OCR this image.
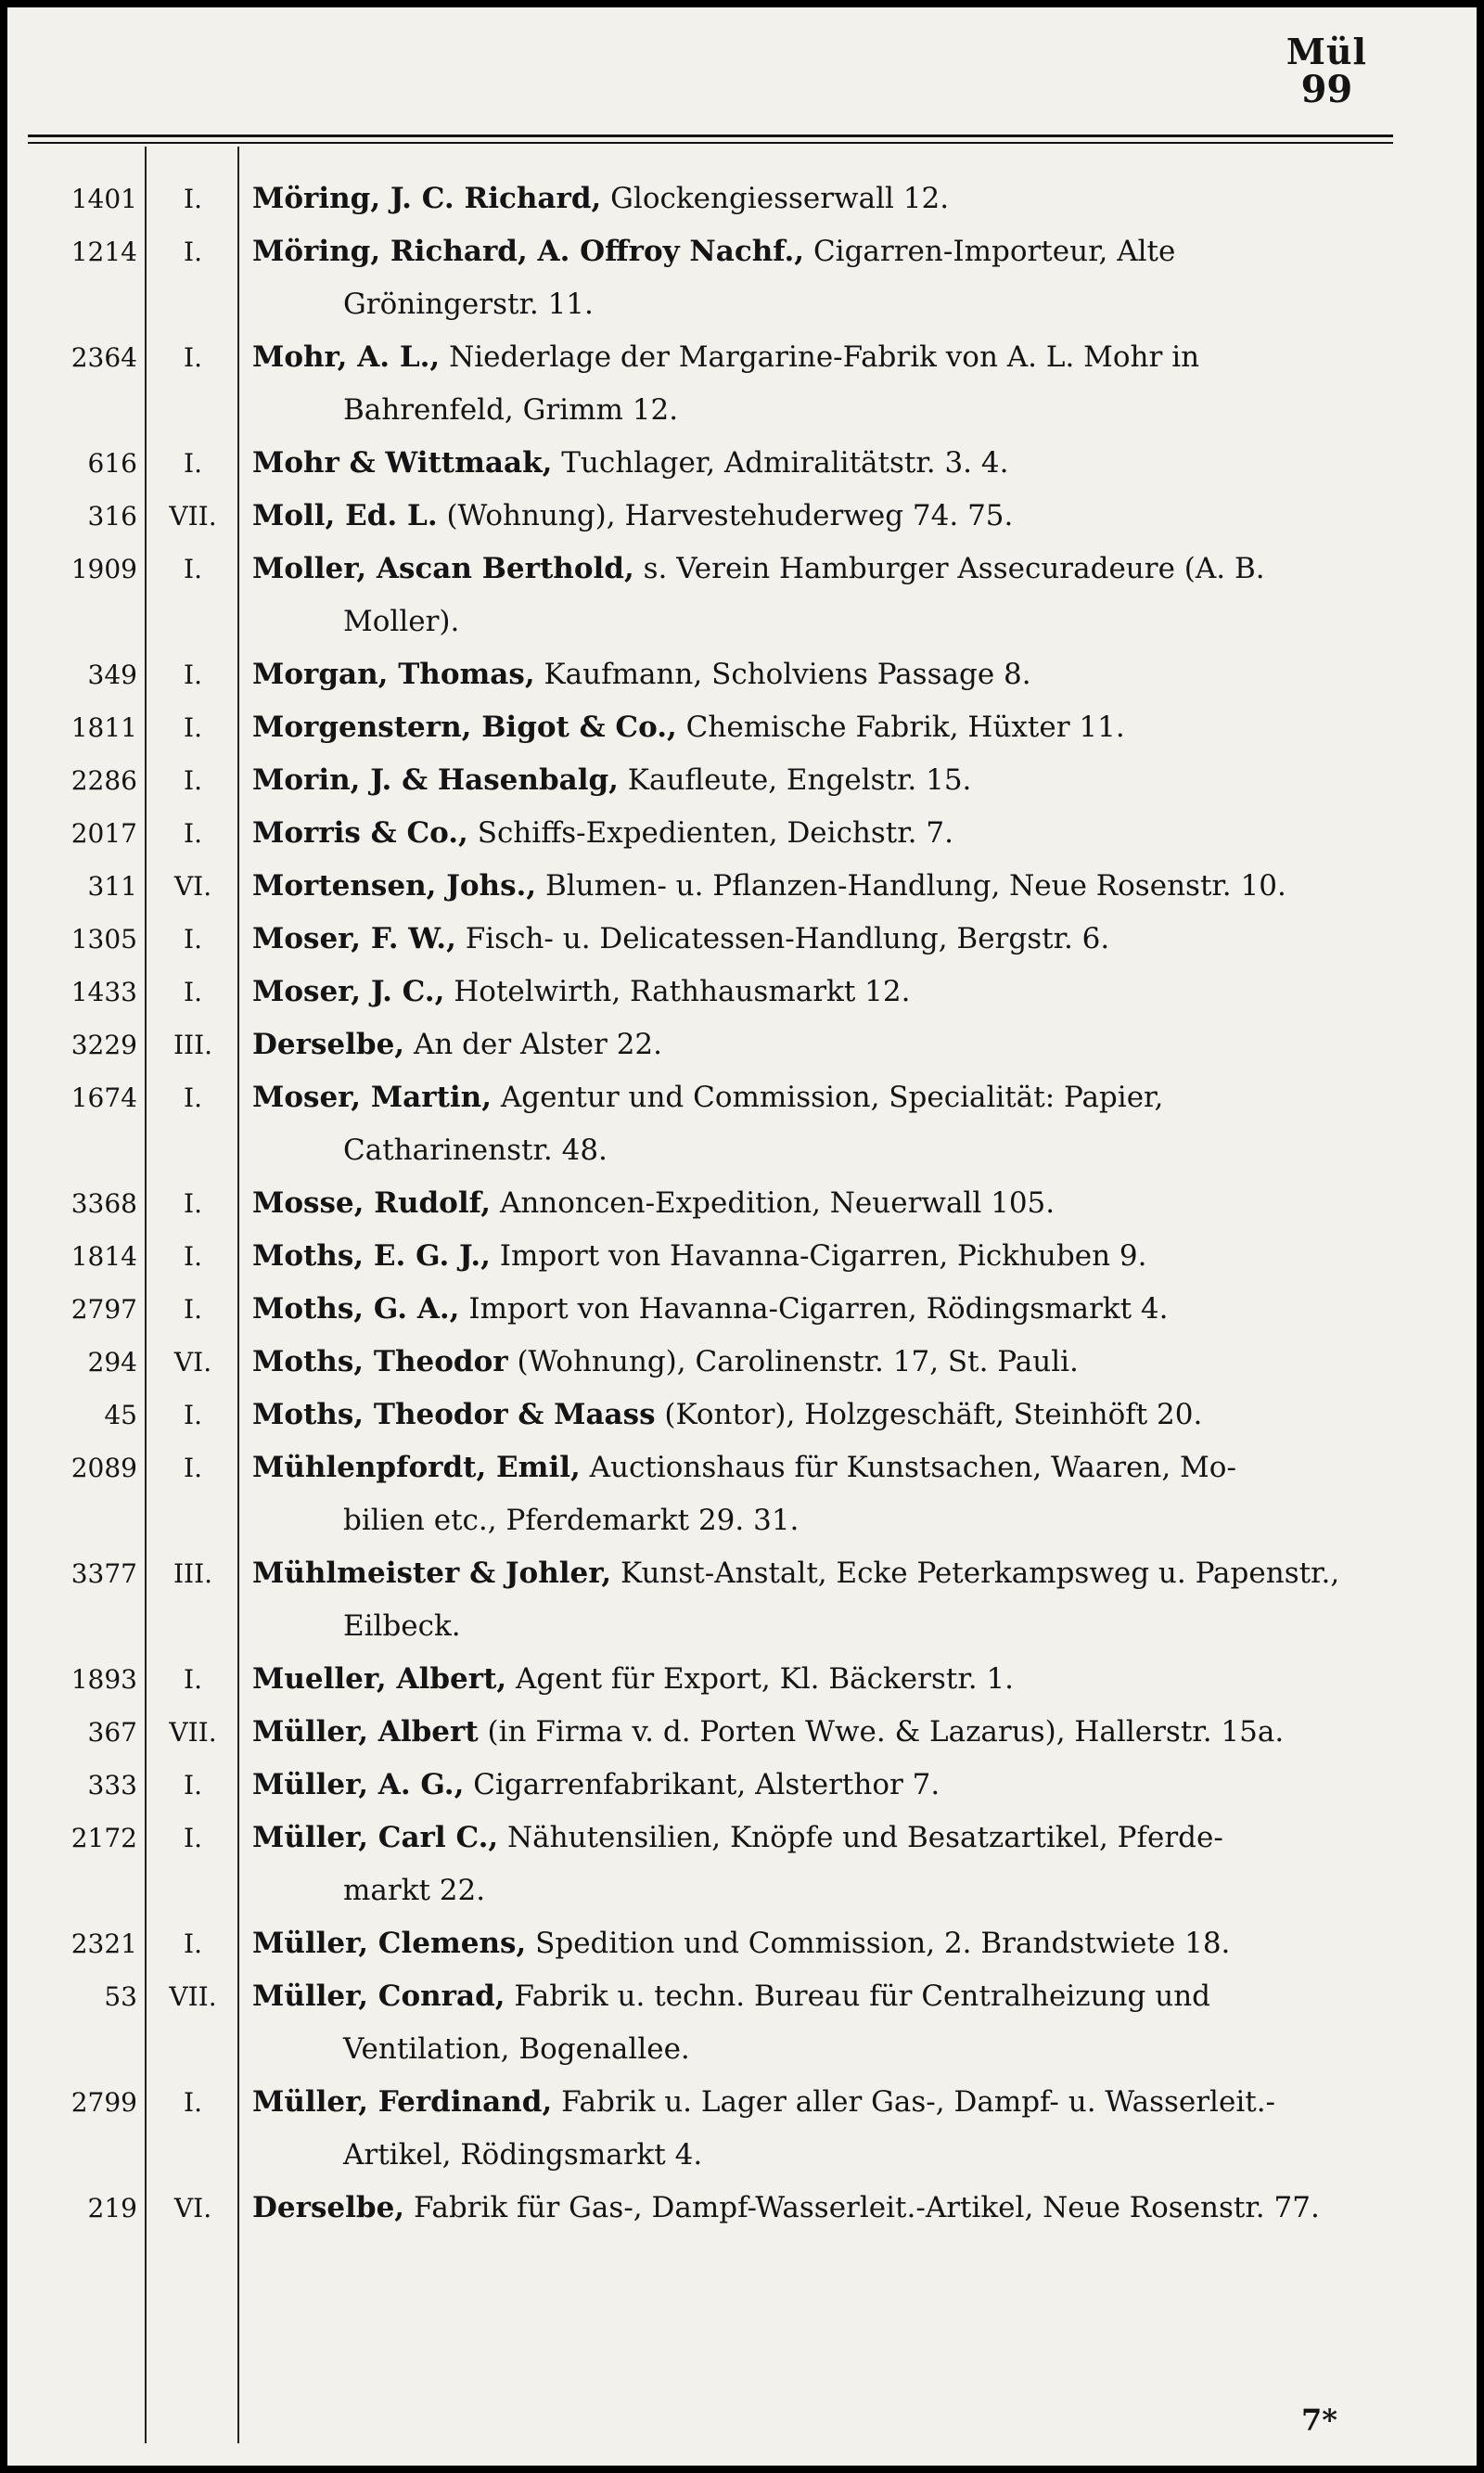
Mül
99
1401	I.	Möring, J. C. Richard, Glockengiesserwall 12.
1214	I.	Möring, Richard, A. Offroy Nachf., Cigarren-Importeur, Alte
Gröningerstr. 11.
2364	I.	Mohr, A. L., Niederlage der Margarine-Fabrik von A. L. Mohr in
Bahrenfeld, Grimm 12.
616	I.	Mohr & Wittmaak, Tuchlager, Admiralitätstr. 3. 4.
316	VII.	Moll, Ed. L. (Wohnung), Harvestehuderweg 74. 75.
1909	I.	Moller, Ascan Berthold, s. Verein Hamburger Assecuradeure (A. B.
Moller).
349	I.	Morgan, Thomas, Kaufmann, Scholviens Passage 8.
1811	I.	Morgenstern, Bigot & Co., Chemische Fabrik, Hüxter 11.
2286	I.	Morin, J. & Hasenbalg, Kaufleute, Engelstr. 15.
2017	I.	Morris & Co., Schiffs-Expedienten, Deichstr. 7.
311	VI.	Mortensen, Johs., Blumen- u. Pflanzen-Handlung, Neue Rosenstr. 10.
1305	I.	Moser, F. W., Fisch- u. Delicatessen-Handlung, Bergstr. 6.
1433	I.	Moser, J. C., Hotelwirth, Rathhausmarkt 12.
3229	III.	Derselbe, An der Alster 22.
1674	I.	Moser, Martin, Agentur und Commission, Specialität: Papier,
Catharinenstr. 48.
3368	I.	Mosse, Rudolf, Annoncen-Expedition, Neuerwall 105.
1814	I.	Moths, E. G. J., Import von Havanna-Cigarren, Pickhuben 9.
2797	I.	Moths, G. A., Import von Havanna-Cigarren, Rödingsmarkt 4.
294	VI.	Moths, Theodor (Wohnung), Carolinenstr. 17, St. Pauli.
45	I.	Moths, Theodor & Maass (Kontor), Holzgeschäft, Steinhöft 20.
2089	I.	Mühlenpfordt, Emil, Auctionshaus für Kunstsachen, Waaren, Mo-
bilien etc., Pferdemarkt 29. 31.
3377	III.	Mühlmeister & Johler, Kunst-Anstalt, Ecke Peterkampsweg u. Papenstr.,
Eilbeck.
1893	I.	Mueller, Albert, Agent für Export, Kl. Bäckerstr. 1.
367	VII.	Müller, Albert (in Firma v. d. Porten Wwe. & Lazarus), Hallerstr. 15a.
333	I.	Müller, A. G., Cigarrenfabrikant, Alsterthor 7.
2172	I.	Müller, Carl C., Nähutensilien, Knöpfe und Besatzartikel, Pferde-
markt 22.
2321	I.	Müller, Clemens, Spedition und Commission, 2. Brandstwiete 18.
53	VII.	Müller, Conrad, Fabrik u. techn. Bureau für Centralheizung und
Ventilation, Bogenallee.
2799	I.	Müller, Ferdinand, Fabrik u. Lager aller Gas-, Dampf- u. Wasserleit.-
Artikel, Rödingsmarkt 4.
219	VI.	Derselbe, Fabrik für Gas-, Dampf-Wasserleit.-Artikel, Neue Rosenstr. 77.
7*
